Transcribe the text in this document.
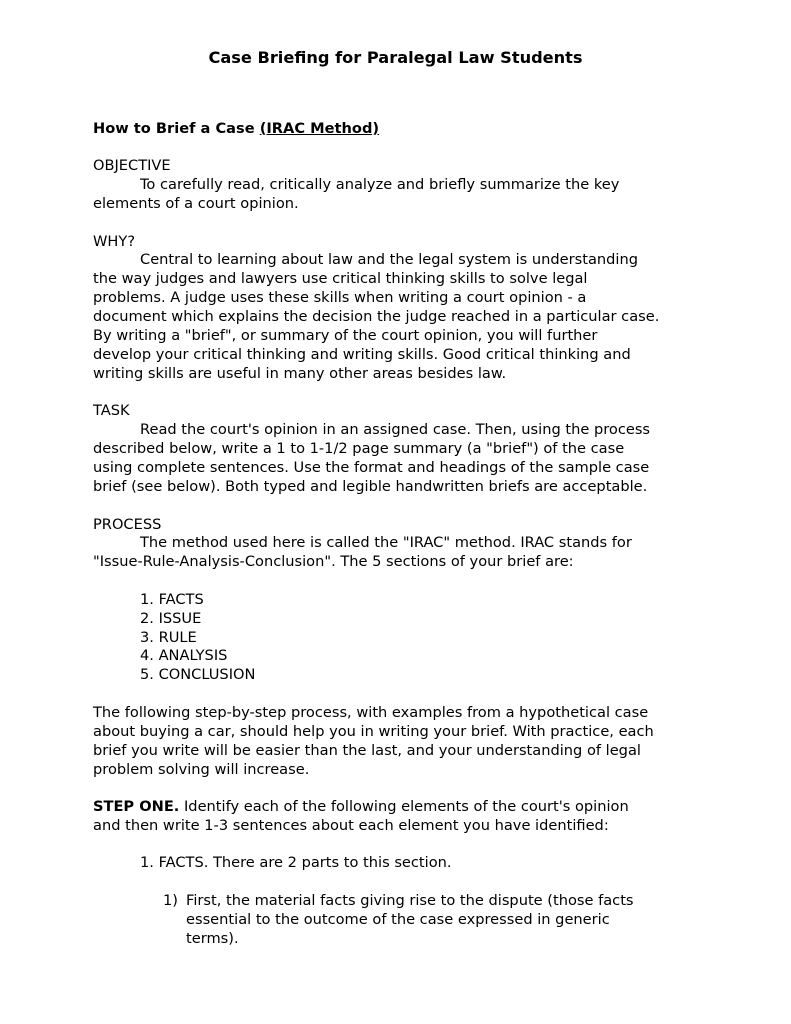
Case Briefing for Paralegal Law Students

How to Brief a Case (IRAC Method)

OBJECTIVE

To carefully read, critically analyze and briefly summarize the key

elements of a court opinion.

WHY?

Central to learning about law and the legal system is understanding

the way judges and lawyers use critical thinking skills to solve legal

problems. A judge uses these skills when writing a court opinion - a

document which explains the decision the judge reached in a particular case.

By writing a "brief", or summary of the court opinion, you will further

develop your critical thinking and writing skills. Good critical thinking and

writing skills are useful in many other areas besides law.

TASK

Read the court's opinion in an assigned case. Then, using the process

described below, write a 1 to 1-1/2 page summary (a "brief") of the case

using complete sentences. Use the format and headings of the sample case

brief (see below). Both typed and legible handwritten briefs are acceptable.

PROCESS

The method used here is called the "IRAC" method. IRAC stands for

"Issue-Rule-Analysis-Conclusion". The 5 sections of your brief are:

1. FACTS

2. ISSUE

3. RULE

4. ANALYSIS

5. CONCLUSION

The following step-by-step process, with examples from a hypothetical case

about buying a car, should help you in writing your brief. With practice, each

brief you write will be easier than the last, and your understanding of legal

problem solving will increase.

STEP ONE. Identify each of the following elements of the court's opinion

and then write 1-3 sentences about each element you have identified:

1. FACTS. There are 2 parts to this section.

1) First, the material facts giving rise to the dispute (those facts

essential to the outcome of the case expressed in generic

terms).
